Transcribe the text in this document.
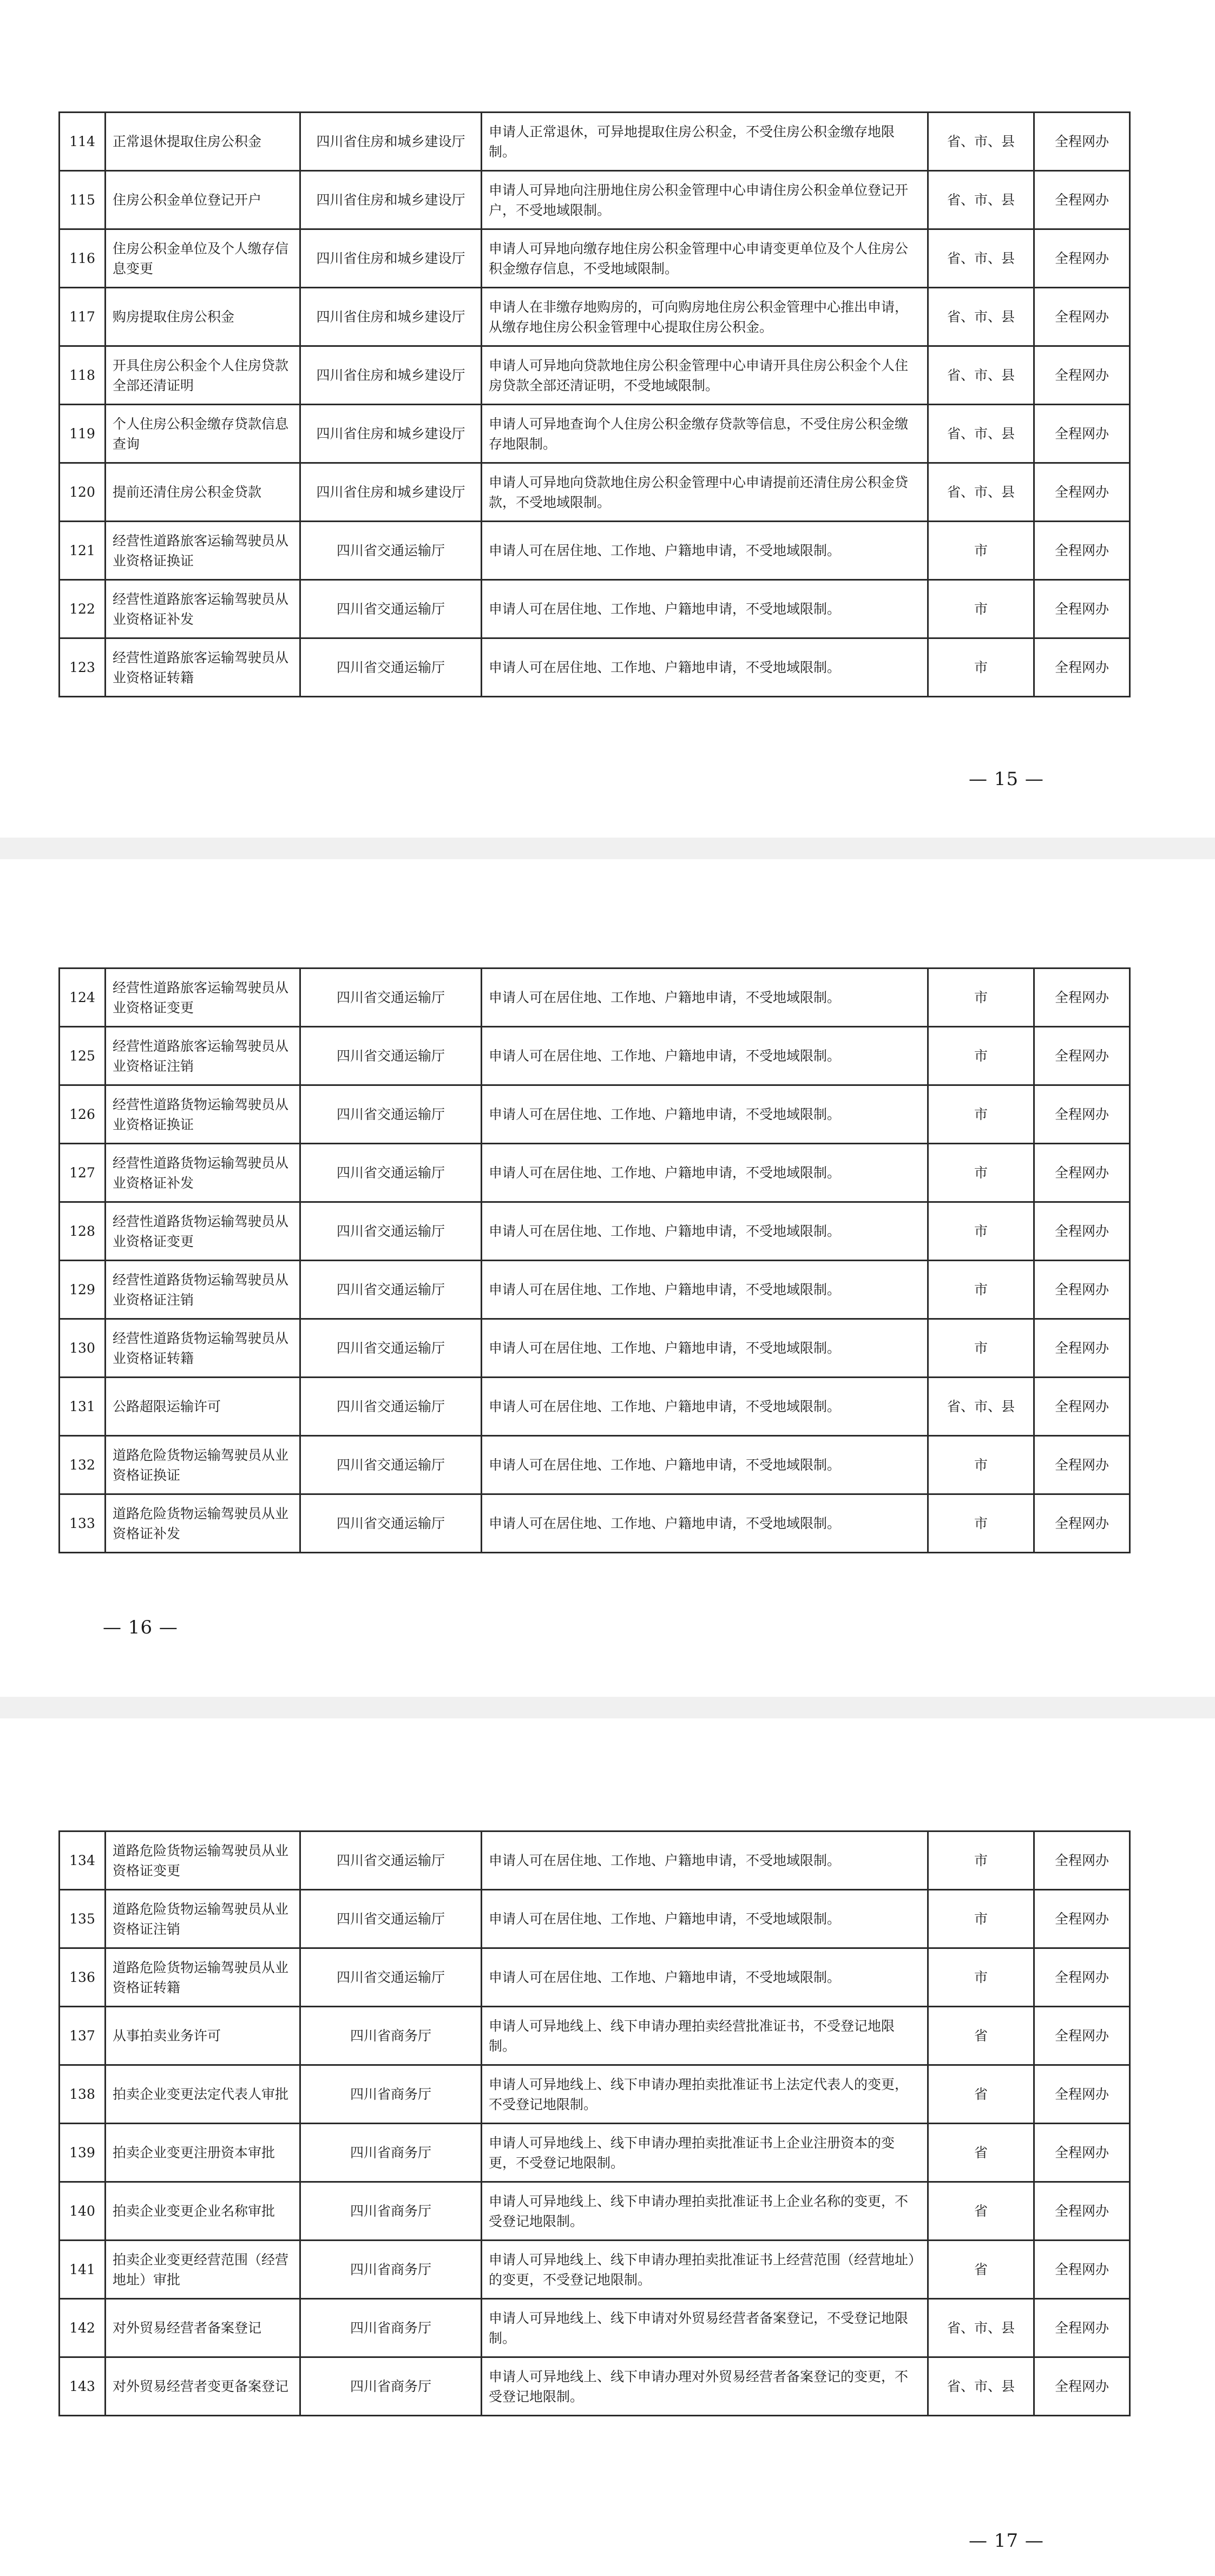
114	正常退休提取住房公积金	四川省住房和城乡建设厅	申请人正常退休，可异地提取住房公积金，不受住房公积金缴存地限制。	省、市、县	全程网办
115	住房公积金单位登记开户	四川省住房和城乡建设厅	申请人可异地向注册地住房公积金管理中心申请住房公积金单位登记开户，不受地域限制。	省、市、县	全程网办
116	住房公积金单位及个人缴存信息变更	四川省住房和城乡建设厅	申请人可异地向缴存地住房公积金管理中心申请变更单位及个人住房公积金缴存信息，不受地域限制。	省、市、县	全程网办
117	购房提取住房公积金	四川省住房和城乡建设厅	申请人在非缴存地购房的，可向购房地住房公积金管理中心推出申请，从缴存地住房公积金管理中心提取住房公积金。	省、市、县	全程网办
118	开具住房公积金个人住房贷款全部还清证明	四川省住房和城乡建设厅	申请人可异地向贷款地住房公积金管理中心申请开具住房公积金个人住房贷款全部还清证明，不受地域限制。	省、市、县	全程网办
119	个人住房公积金缴存贷款信息查询	四川省住房和城乡建设厅	申请人可异地查询个人住房公积金缴存贷款等信息，不受住房公积金缴存地限制。	省、市、县	全程网办
120	提前还清住房公积金贷款	四川省住房和城乡建设厅	申请人可异地向贷款地住房公积金管理中心申请提前还清住房公积金贷款，不受地域限制。	省、市、县	全程网办
121	经营性道路旅客运输驾驶员从业资格证换证	四川省交通运输厅	申请人可在居住地、工作地、户籍地申请，不受地域限制。	市	全程网办
122	经营性道路旅客运输驾驶员从业资格证补发	四川省交通运输厅	申请人可在居住地、工作地、户籍地申请，不受地域限制。	市	全程网办
123	经营性道路旅客运输驾驶员从业资格证转籍	四川省交通运输厅	申请人可在居住地、工作地、户籍地申请，不受地域限制。	市	全程网办
— 15 —
124	经营性道路旅客运输驾驶员从业资格证变更	四川省交通运输厅	申请人可在居住地、工作地、户籍地申请，不受地域限制。	市	全程网办
125	经营性道路旅客运输驾驶员从业资格证注销	四川省交通运输厅	申请人可在居住地、工作地、户籍地申请，不受地域限制。	市	全程网办
126	经营性道路货物运输驾驶员从业资格证换证	四川省交通运输厅	申请人可在居住地、工作地、户籍地申请，不受地域限制。	市	全程网办
127	经营性道路货物运输驾驶员从业资格证补发	四川省交通运输厅	申请人可在居住地、工作地、户籍地申请，不受地域限制。	市	全程网办
128	经营性道路货物运输驾驶员从业资格证变更	四川省交通运输厅	申请人可在居住地、工作地、户籍地申请，不受地域限制。	市	全程网办
129	经营性道路货物运输驾驶员从业资格证注销	四川省交通运输厅	申请人可在居住地、工作地、户籍地申请，不受地域限制。	市	全程网办
130	经营性道路货物运输驾驶员从业资格证转籍	四川省交通运输厅	申请人可在居住地、工作地、户籍地申请，不受地域限制。	市	全程网办
131	公路超限运输许可	四川省交通运输厅	申请人可在居住地、工作地、户籍地申请，不受地域限制。	省、市、县	全程网办
132	道路危险货物运输驾驶员从业资格证换证	四川省交通运输厅	申请人可在居住地、工作地、户籍地申请，不受地域限制。	市	全程网办
133	道路危险货物运输驾驶员从业资格证补发	四川省交通运输厅	申请人可在居住地、工作地、户籍地申请，不受地域限制。	市	全程网办
— 16 —
134	道路危险货物运输驾驶员从业资格证变更	四川省交通运输厅	申请人可在居住地、工作地、户籍地申请，不受地域限制。	市	全程网办
135	道路危险货物运输驾驶员从业资格证注销	四川省交通运输厅	申请人可在居住地、工作地、户籍地申请，不受地域限制。	市	全程网办
136	道路危险货物运输驾驶员从业资格证转籍	四川省交通运输厅	申请人可在居住地、工作地、户籍地申请，不受地域限制。	市	全程网办
137	从事拍卖业务许可	四川省商务厅	申请人可异地线上、线下申请办理拍卖经营批准证书，不受登记地限制。	省	全程网办
138	拍卖企业变更法定代表人审批	四川省商务厅	申请人可异地线上、线下申请办理拍卖批准证书上法定代表人的变更，不受登记地限制。	省	全程网办
139	拍卖企业变更注册资本审批	四川省商务厅	申请人可异地线上、线下申请办理拍卖批准证书上企业注册资本的变更，不受登记地限制。	省	全程网办
140	拍卖企业变更企业名称审批	四川省商务厅	申请人可异地线上、线下申请办理拍卖批准证书上企业名称的变更，不受登记地限制。	省	全程网办
141	拍卖企业变更经营范围（经营地址）审批	四川省商务厅	申请人可异地线上、线下申请办理拍卖批准证书上经营范围（经营地址）的变更，不受登记地限制。	省	全程网办
142	对外贸易经营者备案登记	四川省商务厅	申请人可异地线上、线下申请对外贸易经营者备案登记，不受登记地限制。	省、市、县	全程网办
143	对外贸易经营者变更备案登记	四川省商务厅	申请人可异地线上、线下申请办理对外贸易经营者备案登记的变更，不受登记地限制。	省、市、县	全程网办
— 17 —
